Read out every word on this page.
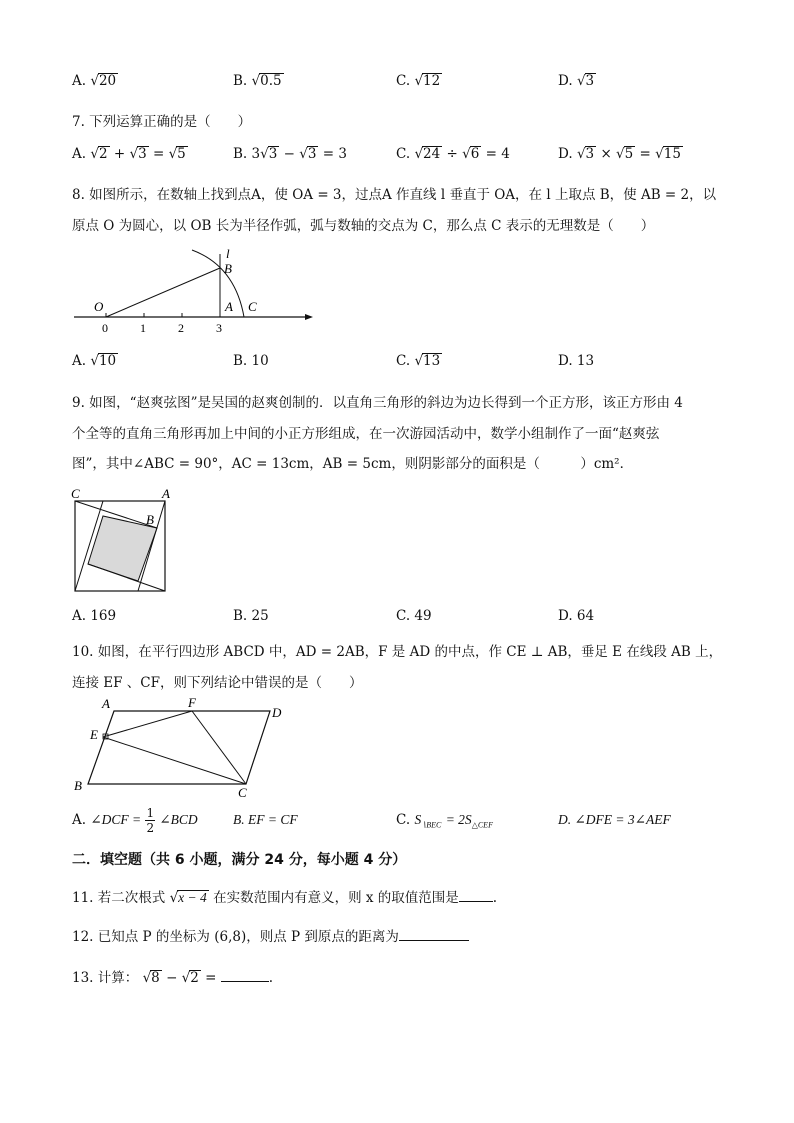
A. √20	B. √0.5	C. √12	D. √3
7. 下列运算正确的是（　　）
A. √2 + √3 = √5	B. 3√3 − √3 = 3	C. √24 ÷ √6 = 4	D. √3 × √5 = √15
8. 如图所示，在数轴上找到点A，使 OA = 3，过点A 作直线 l 垂直于 OA，在 l 上取点 B，使 AB = 2，以
原点 O 为圆心，以 OB 长为半径作弧，弧与数轴的交点为 C，那么点 C 表示的无理数是（　　）
l
B
O	A C
0	1	2	3
A. √10	B. 10	C. √13	D. 13
9. 如图，“赵爽弦图”是吴国的赵爽创制的．以直角三角形的斜边为边长得到一个正方形，该正方形由 4
个全等的直角三角形再加上中间的小正方形组成，在一次游园活动中，数学小组制作了一面“赵爽弦
图”，其中∠ABC = 90°，AC = 13cm，AB = 5cm，则阴影部分的面积是（　　　）cm²．
C	A
B
A. 169	B. 25	C. 49	D. 64
10. 如图，在平行四边形 ABCD 中，AD = 2AB，F 是 AD 的中点，作 CE ⊥ AB，垂足 E 在线段 AB 上，
连接 EF 、CF，则下列结论中错误的是（　　）
A	F
D
E
B	C
A. ∠DCF = $\frac{1}{2}$ ∠BCD	B. EF = CF	C. $S_{∖BEC} = 2S_{\triangle CEF}$	D. ∠DFE = 3∠AEF
二．填空题（共 6 小题，满分 24 分，每小题 4 分）
11. 若二次根式 √x − 4 在实数范围内有意义，则 x 的取值范围是	.
12. 已知点 P 的坐标为 (6,8)，则点 P 到原点的距离为
13. 计算： √8 − √2 =	.
